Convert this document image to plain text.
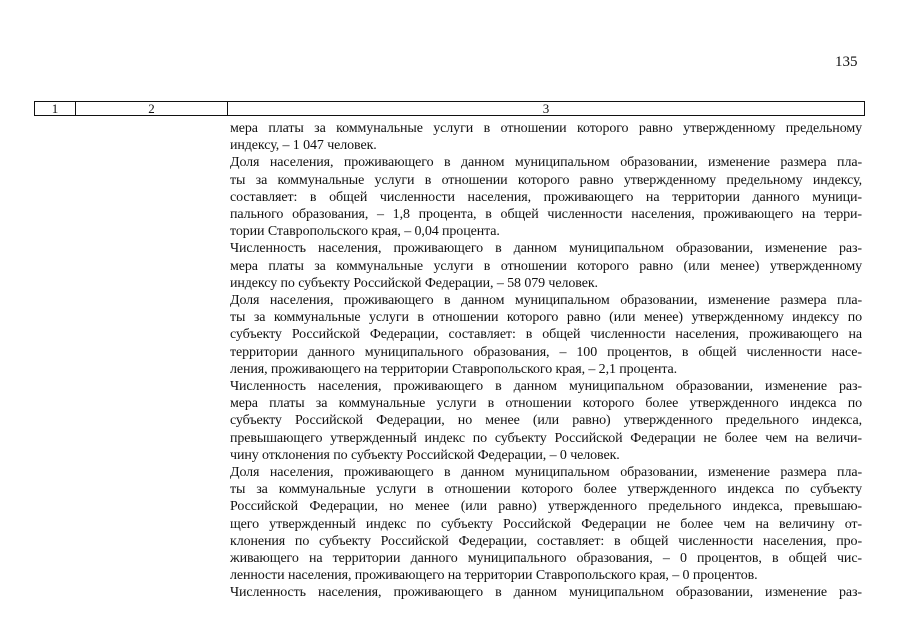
135
1	2	3
мера платы за коммунальные услуги в отношении которого равно утвержденному предельному
индексу, – 1 047 человек.
Доля населения, проживающего в данном муниципальном образовании, изменение размера пла-
ты за коммунальные услуги в отношении которого равно утвержденному предельному индексу,
составляет: в общей численности населения, проживающего на территории данного муници-
пального образования, – 1,8 процента, в общей численности населения, проживающего на терри-
тории Ставропольского края, – 0,04 процента.
Численность населения, проживающего в данном муниципальном образовании, изменение раз-
мера платы за коммунальные услуги в отношении которого равно (или менее) утвержденному
индексу по субъекту Российской Федерации, – 58 079 человек.
Доля населения, проживающего в данном муниципальном образовании, изменение размера пла-
ты за коммунальные услуги в отношении которого равно (или менее) утвержденному индексу по
субъекту Российской Федерации, составляет: в общей численности населения, проживающего на
территории данного муниципального образования, – 100 процентов, в общей численности насе-
ления, проживающего на территории Ставропольского края, – 2,1 процента.
Численность населения, проживающего в данном муниципальном образовании, изменение раз-
мера платы за коммунальные услуги в отношении которого более утвержденного индекса по
субъекту Российской Федерации, но менее (или равно) утвержденного предельного индекса,
превышающего утвержденный индекс по субъекту Российской Федерации не более чем на величи-
чину отклонения по субъекту Российской Федерации, – 0 человек.
Доля населения, проживающего в данном муниципальном образовании, изменение размера пла-
ты за коммунальные услуги в отношении которого более утвержденного индекса по субъекту
Российской Федерации, но менее (или равно) утвержденного предельного индекса, превышаю-
щего утвержденный индекс по субъекту Российской Федерации не более чем на величину от-
клонения по субъекту Российской Федерации, составляет: в общей численности населения, про-
живающего на территории данного муниципального образования, – 0 процентов, в общей чис-
ленности населения, проживающего на территории Ставропольского края, – 0 процентов.
Численность населения, проживающего в данном муниципальном образовании, изменение раз-
